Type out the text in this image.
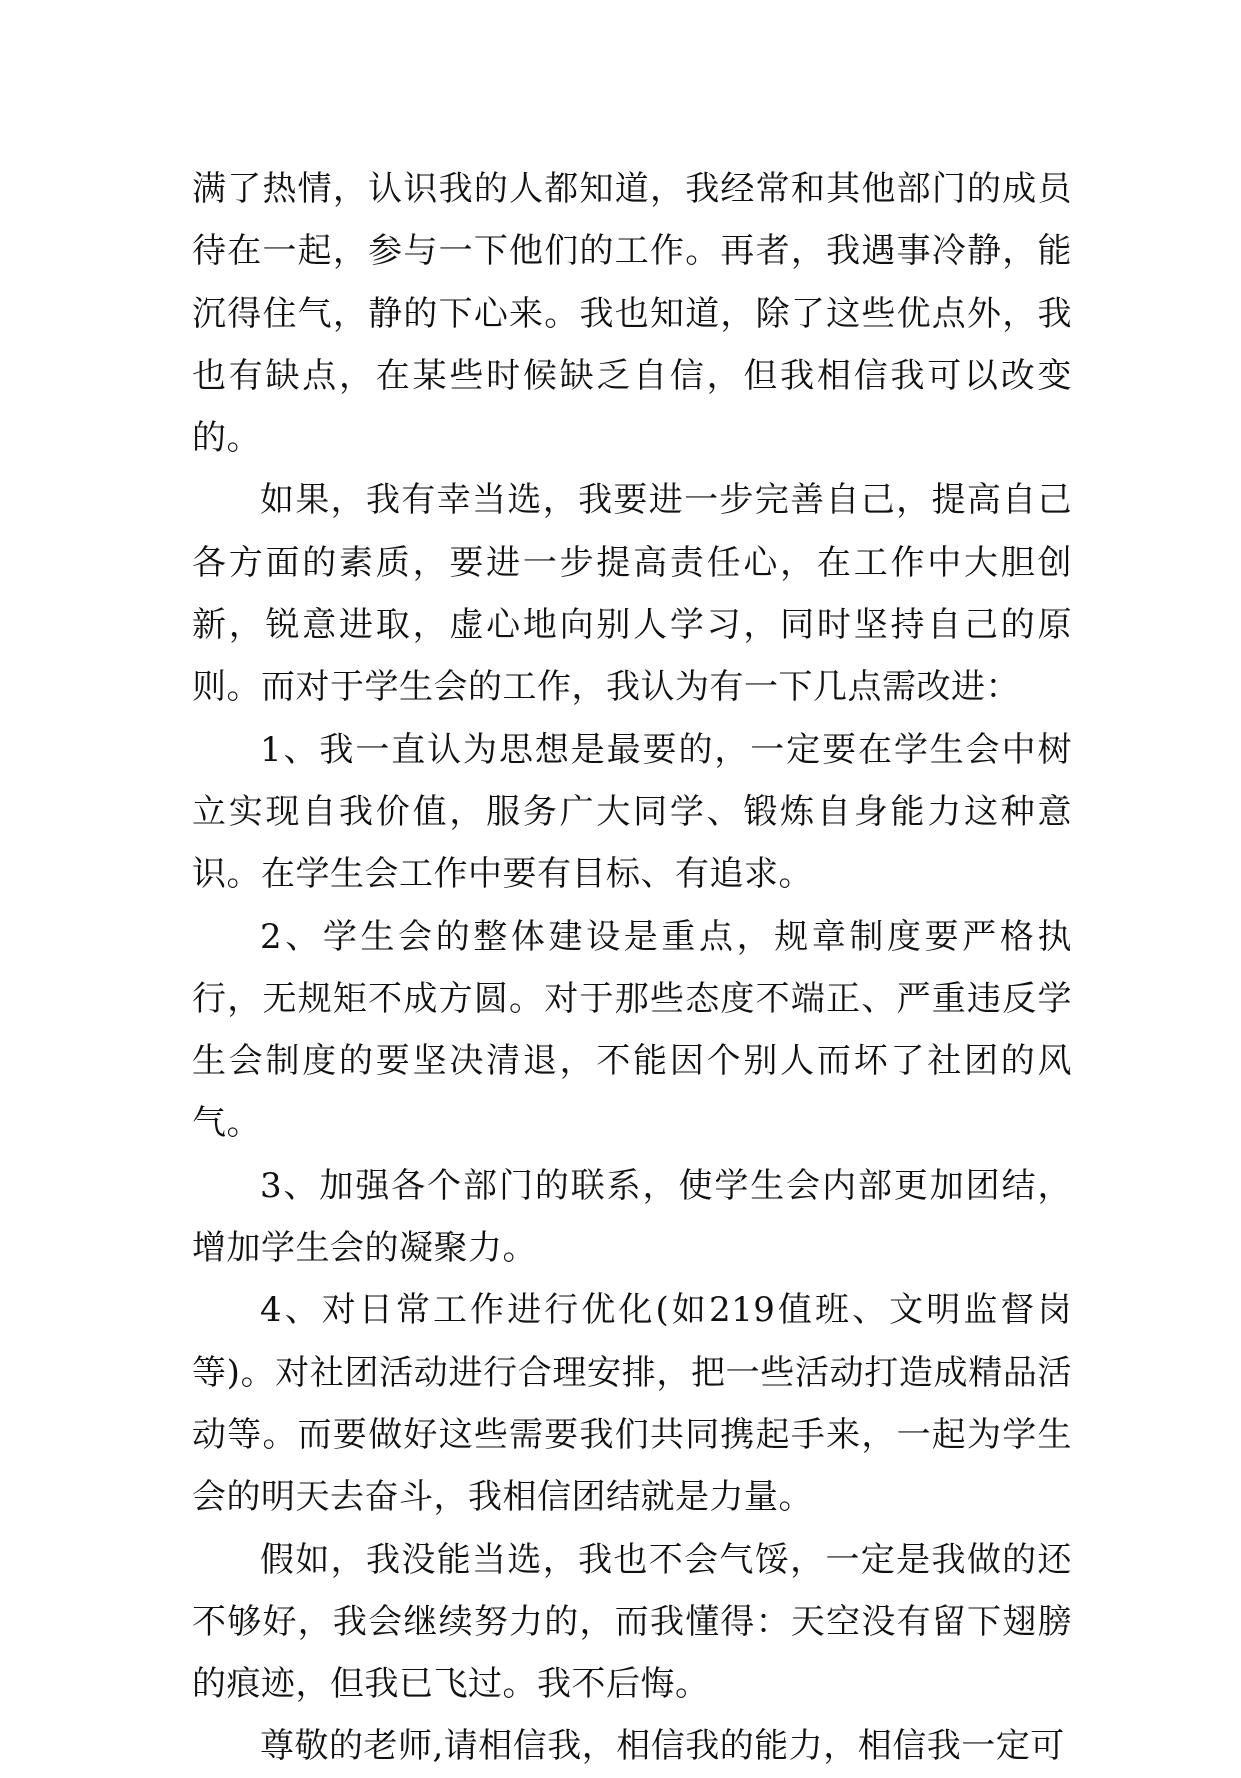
满了热情，认识我的人都知道，我经常和其他部门的成员待在一起，参与一下他们的工作。再者，我遇事冷静，能沉得住气，静的下心来。我也知道，除了这些优点外，我也有缺点，在某些时候缺乏自信，但我相信我可以改变的。

如果，我有幸当选，我要进一步完善自己，提高自己各方面的素质，要进一步提高责任心，在工作中大胆创新，锐意进取，虚心地向别人学习，同时坚持自己的原则。而对于学生会的工作，我认为有一下几点需改进：

1、我一直认为思想是最要的，一定要在学生会中树立实现自我价值，服务广大同学、锻炼自身能力这种意识。在学生会工作中要有目标、有追求。

2、学生会的整体建设是重点，规章制度要严格执行，无规矩不成方圆。对于那些态度不端正、严重违反学生会制度的要坚决清退，不能因个别人而坏了社团的风气。

3、加强各个部门的联系，使学生会内部更加团结，增加学生会的凝聚力。

4、对日常工作进行优化(如219值班、文明监督岗等)。对社团活动进行合理安排，把一些活动打造成精品活动等。而要做好这些需要我们共同携起手来，一起为学生会的明天去奋斗，我相信团结就是力量。

假如，我没能当选，我也不会气馁，一定是我做的还不够好，我会继续努力的，而我懂得：天空没有留下翅膀的痕迹，但我已飞过。我不后悔。

尊敬的老师,请相信我，相信我的能力，相信我一定可
